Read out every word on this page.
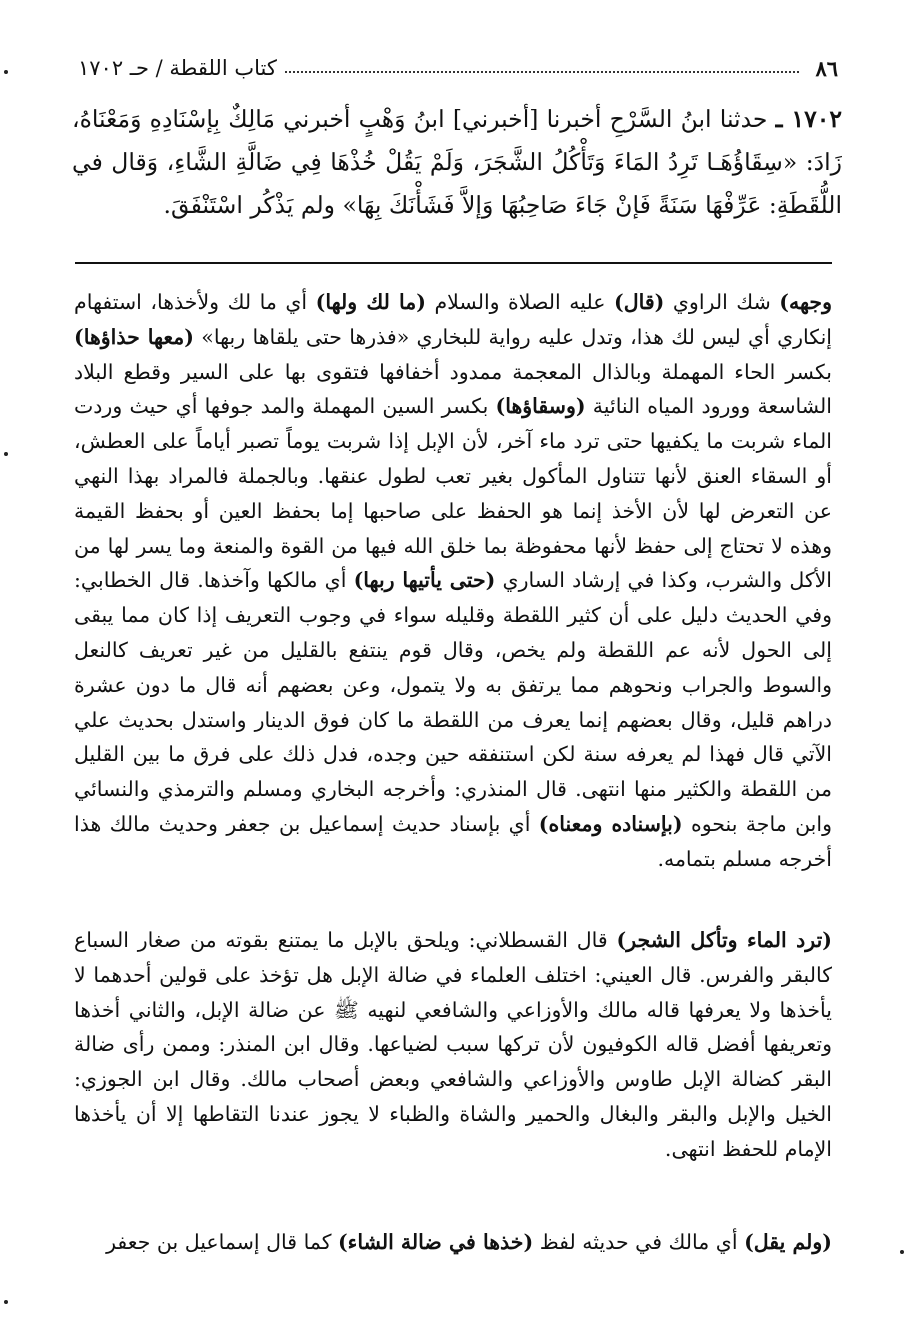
٨٦
كتاب اللقطة / حـ ١٧٠٢
١٧٠٢ ـ حدثنا ابنُ السَّرْحِ أخبرنا [أخبرني] ابنُ وَهْبٍ أخبرني مَالِكٌ بِإسْنَادِهِ وَمَعْنَاهُ، زَادَ: «سِقَاؤُهَـا تَرِدُ المَاءَ وَتَأْكُلُ الشَّجَرَ، وَلَمْ يَقُلْ خُذْهَا فِي ضَالَّةِ الشَّاءِ، وَقال في اللُّقَطَةِ: عَرِّفْهَا سَنَةً فَإنْ جَاءَ صَاحِبُهَا وَإلاَّ فَشَأْنَكَ بِهَا» ولم يَذْكُر اسْتَنْفَقَ.
وجهه) شك الراوي (قال) عليه الصلاة والسلام (ما لك ولها) أي ما لك ولأخذها، استفهام إنكاري أي ليس لك هذا، وتدل عليه رواية للبخاري «فذرها حتى يلقاها ربها» (معها حذاؤها) بكسر الحاء المهملة وبالذال المعجمة ممدود أخفافها فتقوى بها على السير وقطع البلاد الشاسعة وورود المياه النائية (وسقاؤها) بكسر السين المهملة والمد جوفها أي حيث وردت الماء شربت ما يكفيها حتى ترد ماء آخر، لأن الإبل إذا شربت يوماً تصبر أياماً على العطش، أو السقاء العنق لأنها تتناول المأكول بغير تعب لطول عنقها. وبالجملة فالمراد بهذا النهي عن التعرض لها لأن الأخذ إنما هو الحفظ على صاحبها إما بحفظ العين أو بحفظ القيمة وهذه لا تحتاج إلى حفظ لأنها محفوظة بما خلق الله فيها من القوة والمنعة وما يسر لها من الأكل والشرب، وكذا في إرشاد الساري (حتى يأتيها ربها) أي مالكها وآخذها. قال الخطابي: وفي الحديث دليل على أن كثير اللقطة وقليله سواء في وجوب التعريف إذا كان مما يبقى إلى الحول لأنه عم اللقطة ولم يخص، وقال قوم ينتفع بالقليل من غير تعريف كالنعل والسوط والجراب ونحوهم مما يرتفق به ولا يتمول، وعن بعضهم أنه قال ما دون عشرة دراهم قليل، وقال بعضهم إنما يعرف من اللقطة ما كان فوق الدينار واستدل بحديث علي الآتي قال فهذا لم يعرفه سنة لكن استنفقه حين وجده، فدل ذلك على فرق ما بين القليل من اللقطة والكثير منها انتهى. قال المنذري: وأخرجه البخاري ومسلم والترمذي والنسائي وابن ماجة بنحوه (بإسناده ومعناه) أي بإسناد حديث إسماعيل بن جعفر وحديث مالك هذا أخرجه مسلم بتمامه.
(ترد الماء وتأكل الشجر) قال القسطلاني: ويلحق بالإبل ما يمتنع بقوته من صغار السباع كالبقر والفرس. قال العيني: اختلف العلماء في ضالة الإبل هل تؤخذ على قولين أحدهما لا يأخذها ولا يعرفها قاله مالك والأوزاعي والشافعي لنهيه ﷺ عن ضالة الإبل، والثاني أخذها وتعريفها أفضل قاله الكوفيون لأن تركها سبب لضياعها. وقال ابن المنذر: وممن رأى ضالة البقر كضالة الإبل طاوس والأوزاعي والشافعي وبعض أصحاب مالك. وقال ابن الجوزي: الخيل والإبل والبقر والبغال والحمير والشاة والظباء لا يجوز عندنا التقاطها إلا أن يأخذها الإمام للحفظ انتهى.
(ولم يقل) أي مالك في حديثه لفظ (خذها في ضالة الشاء) كما قال إسماعيل بن جعفر
